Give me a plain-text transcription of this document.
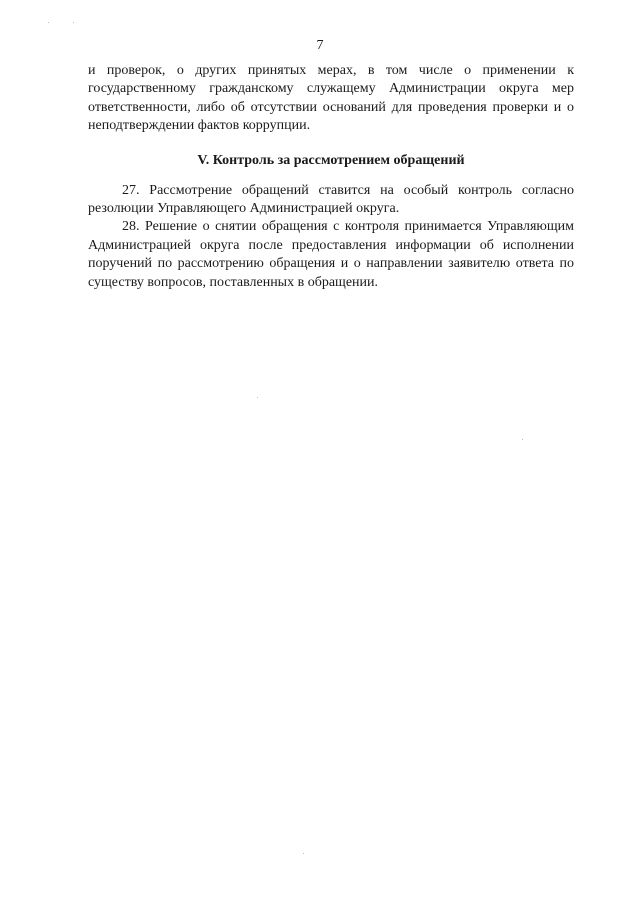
7

и проверок, о других принятых мерах, в том числе о применении к государственному гражданскому служащему Администрации округа мер ответственности, либо об отсутствии оснований для проведения проверки и о неподтверждении фактов коррупции.

V. Контроль за рассмотрением обращений

27. Рассмотрение обращений ставится на особый контроль согласно резолюции Управляющего Администрацией округа.

28. Решение о снятии обращения с контроля принимается Управляющим Администрацией округа после предоставления информации об исполнении поручений по рассмотрению обращения и о направлении заявителю ответа по существу вопросов, поставленных в обращении.
